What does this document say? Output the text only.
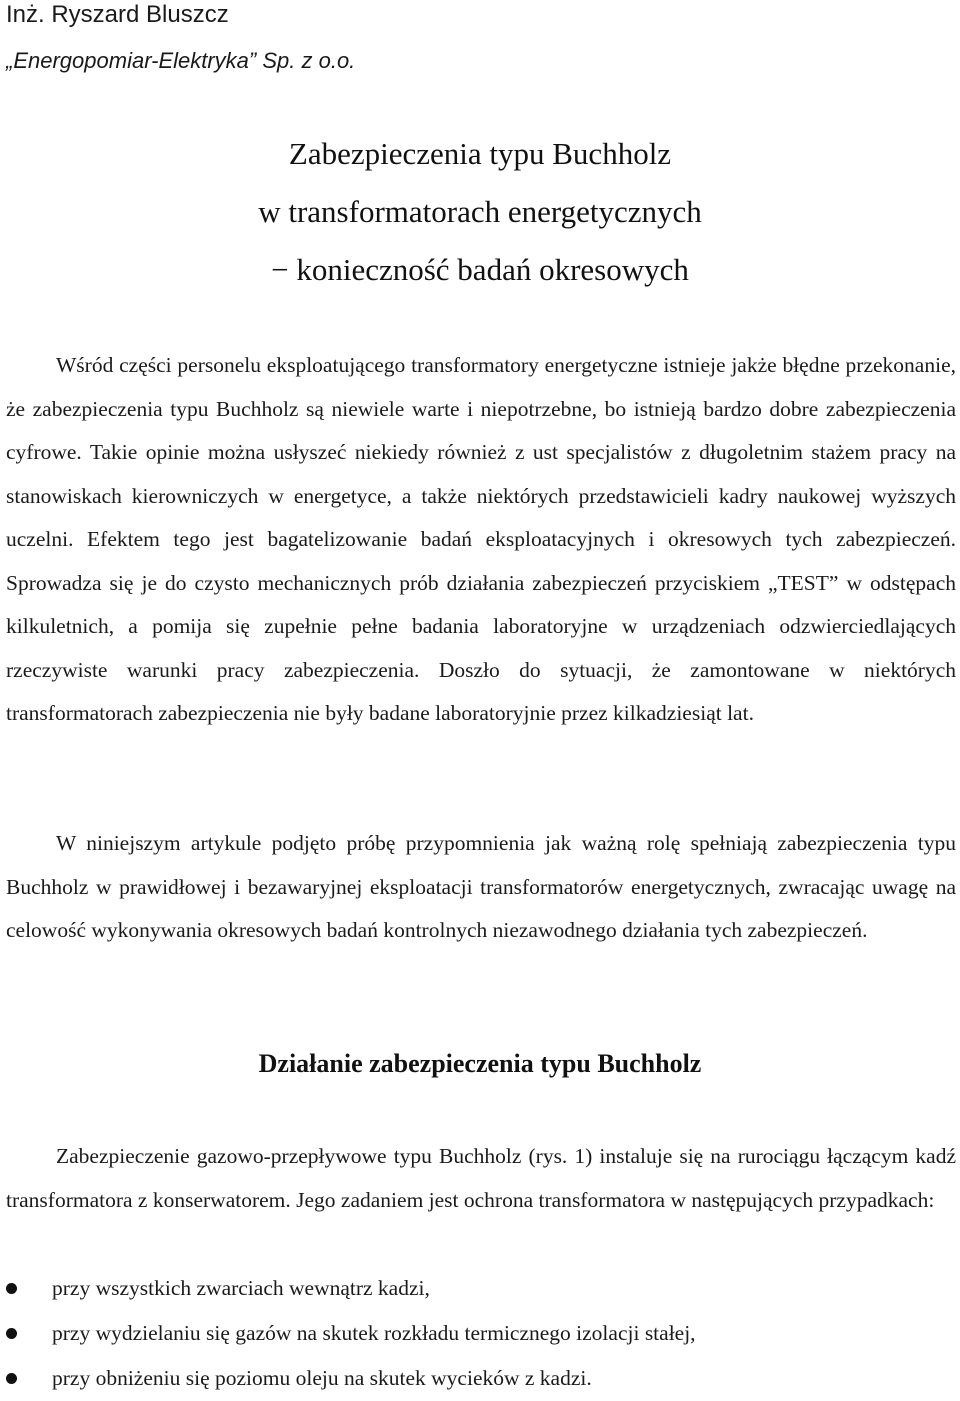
Inż. Ryszard Bluszcz
„Energopomiar-Elektryka” Sp. z o.o.
Zabezpieczenia typu Buchholz
w transformatorach energetycznych
− konieczność badań okresowych

Wśród części personelu eksploatującego transformatory energetyczne istnieje jakże błędne przekonanie, że zabezpieczenia typu Buchholz są niewiele warte i niepotrzebne, bo istnieją bardzo dobre zabezpieczenia cyfrowe. Takie opinie można usłyszeć niekiedy również z ust specjalistów z długoletnim stażem pracy na stanowiskach kierowniczych w energetyce, a także niektórych przedstawicieli kadry naukowej wyższych uczelni. Efektem tego jest bagatelizowanie badań eksploatacyjnych i okresowych tych zabezpieczeń. Sprowadza się je do czysto mechanicznych prób działania zabezpieczeń przyciskiem „TEST” w odstępach kilkuletnich, a pomija się zupełnie pełne badania laboratoryjne w urządzeniach odzwierciedlających rzeczywiste warunki pracy zabezpieczenia. Doszło do sytuacji, że zamontowane w niektórych transformatorach zabezpieczenia nie były badane laboratoryjnie przez kilkadziesiąt lat.

W niniejszym artykule podjęto próbę przypomnienia jak ważną rolę spełniają zabezpieczenia typu Buchholz w prawidłowej i bezawaryjnej eksploatacji transformatorów energetycznych, zwracając uwagę na celowość wykonywania okresowych badań kontrolnych niezawodnego działania tych zabezpieczeń.

Działanie zabezpieczenia typu Buchholz

Zabezpieczenie gazowo-przepływowe typu Buchholz (rys. 1) instaluje się na rurociągu łączącym kadź transformatora z konserwatorem. Jego zadaniem jest ochrona transformatora w następujących przypadkach:

przy wszystkich zwarciach wewnątrz kadzi,
przy wydzielaniu się gazów na skutek rozkładu termicznego izolacji stałej,
przy obniżeniu się poziomu oleju na skutek wycieków z kadzi.
